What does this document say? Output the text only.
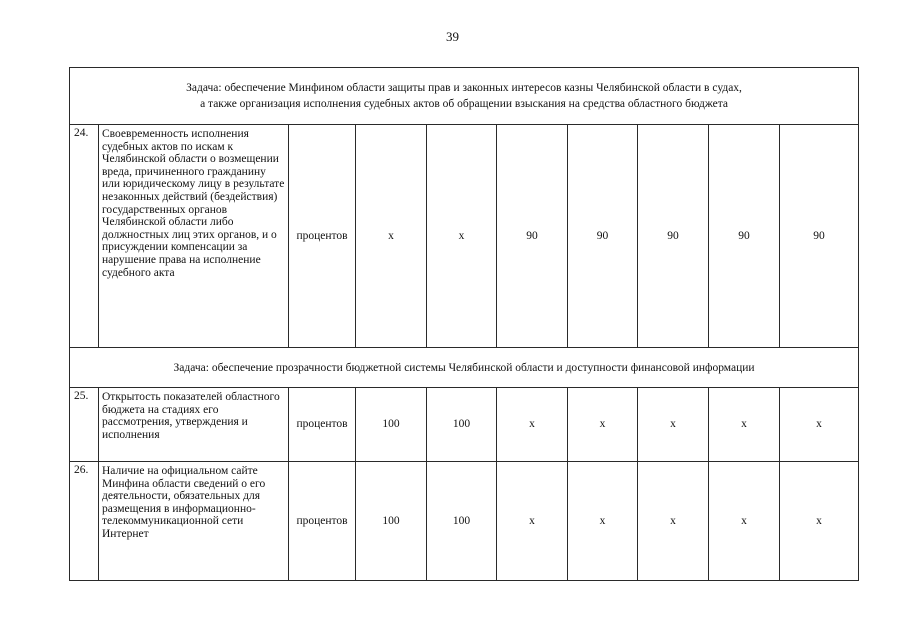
39
Задача: обеспечение Минфином области защиты прав и законных интересов казны Челябинской области в судах,
а также организация исполнения судебных актов об обращении взыскания на средства областного бюджета									

24.	Своевременность исполнения судебных актов по искам к Челябинской области о возмещении вреда, причиненного гражданину или юридическому лицу в результате незаконных действий (бездействия) государственных органов Челябинской области либо должностных лиц этих органов, и о присуждении компенсации за нарушение права на исполнение судебного акта	процентов	x	x	90	90	90	90	90

Задача: обеспечение прозрачности бюджетной системы Челябинской области и доступности финансовой информации									

25.	Открытость показателей областного бюджета на стадиях его рассмотрения, утверждения и исполнения	процентов	100	100	x	x	x	x	x
26.	Наличие на официальном сайте Минфина области сведений о его деятельности, обязательных для размещения в информационно-телекоммуникационной сети Интернет	процентов	100	100	x	x	x	x	x
